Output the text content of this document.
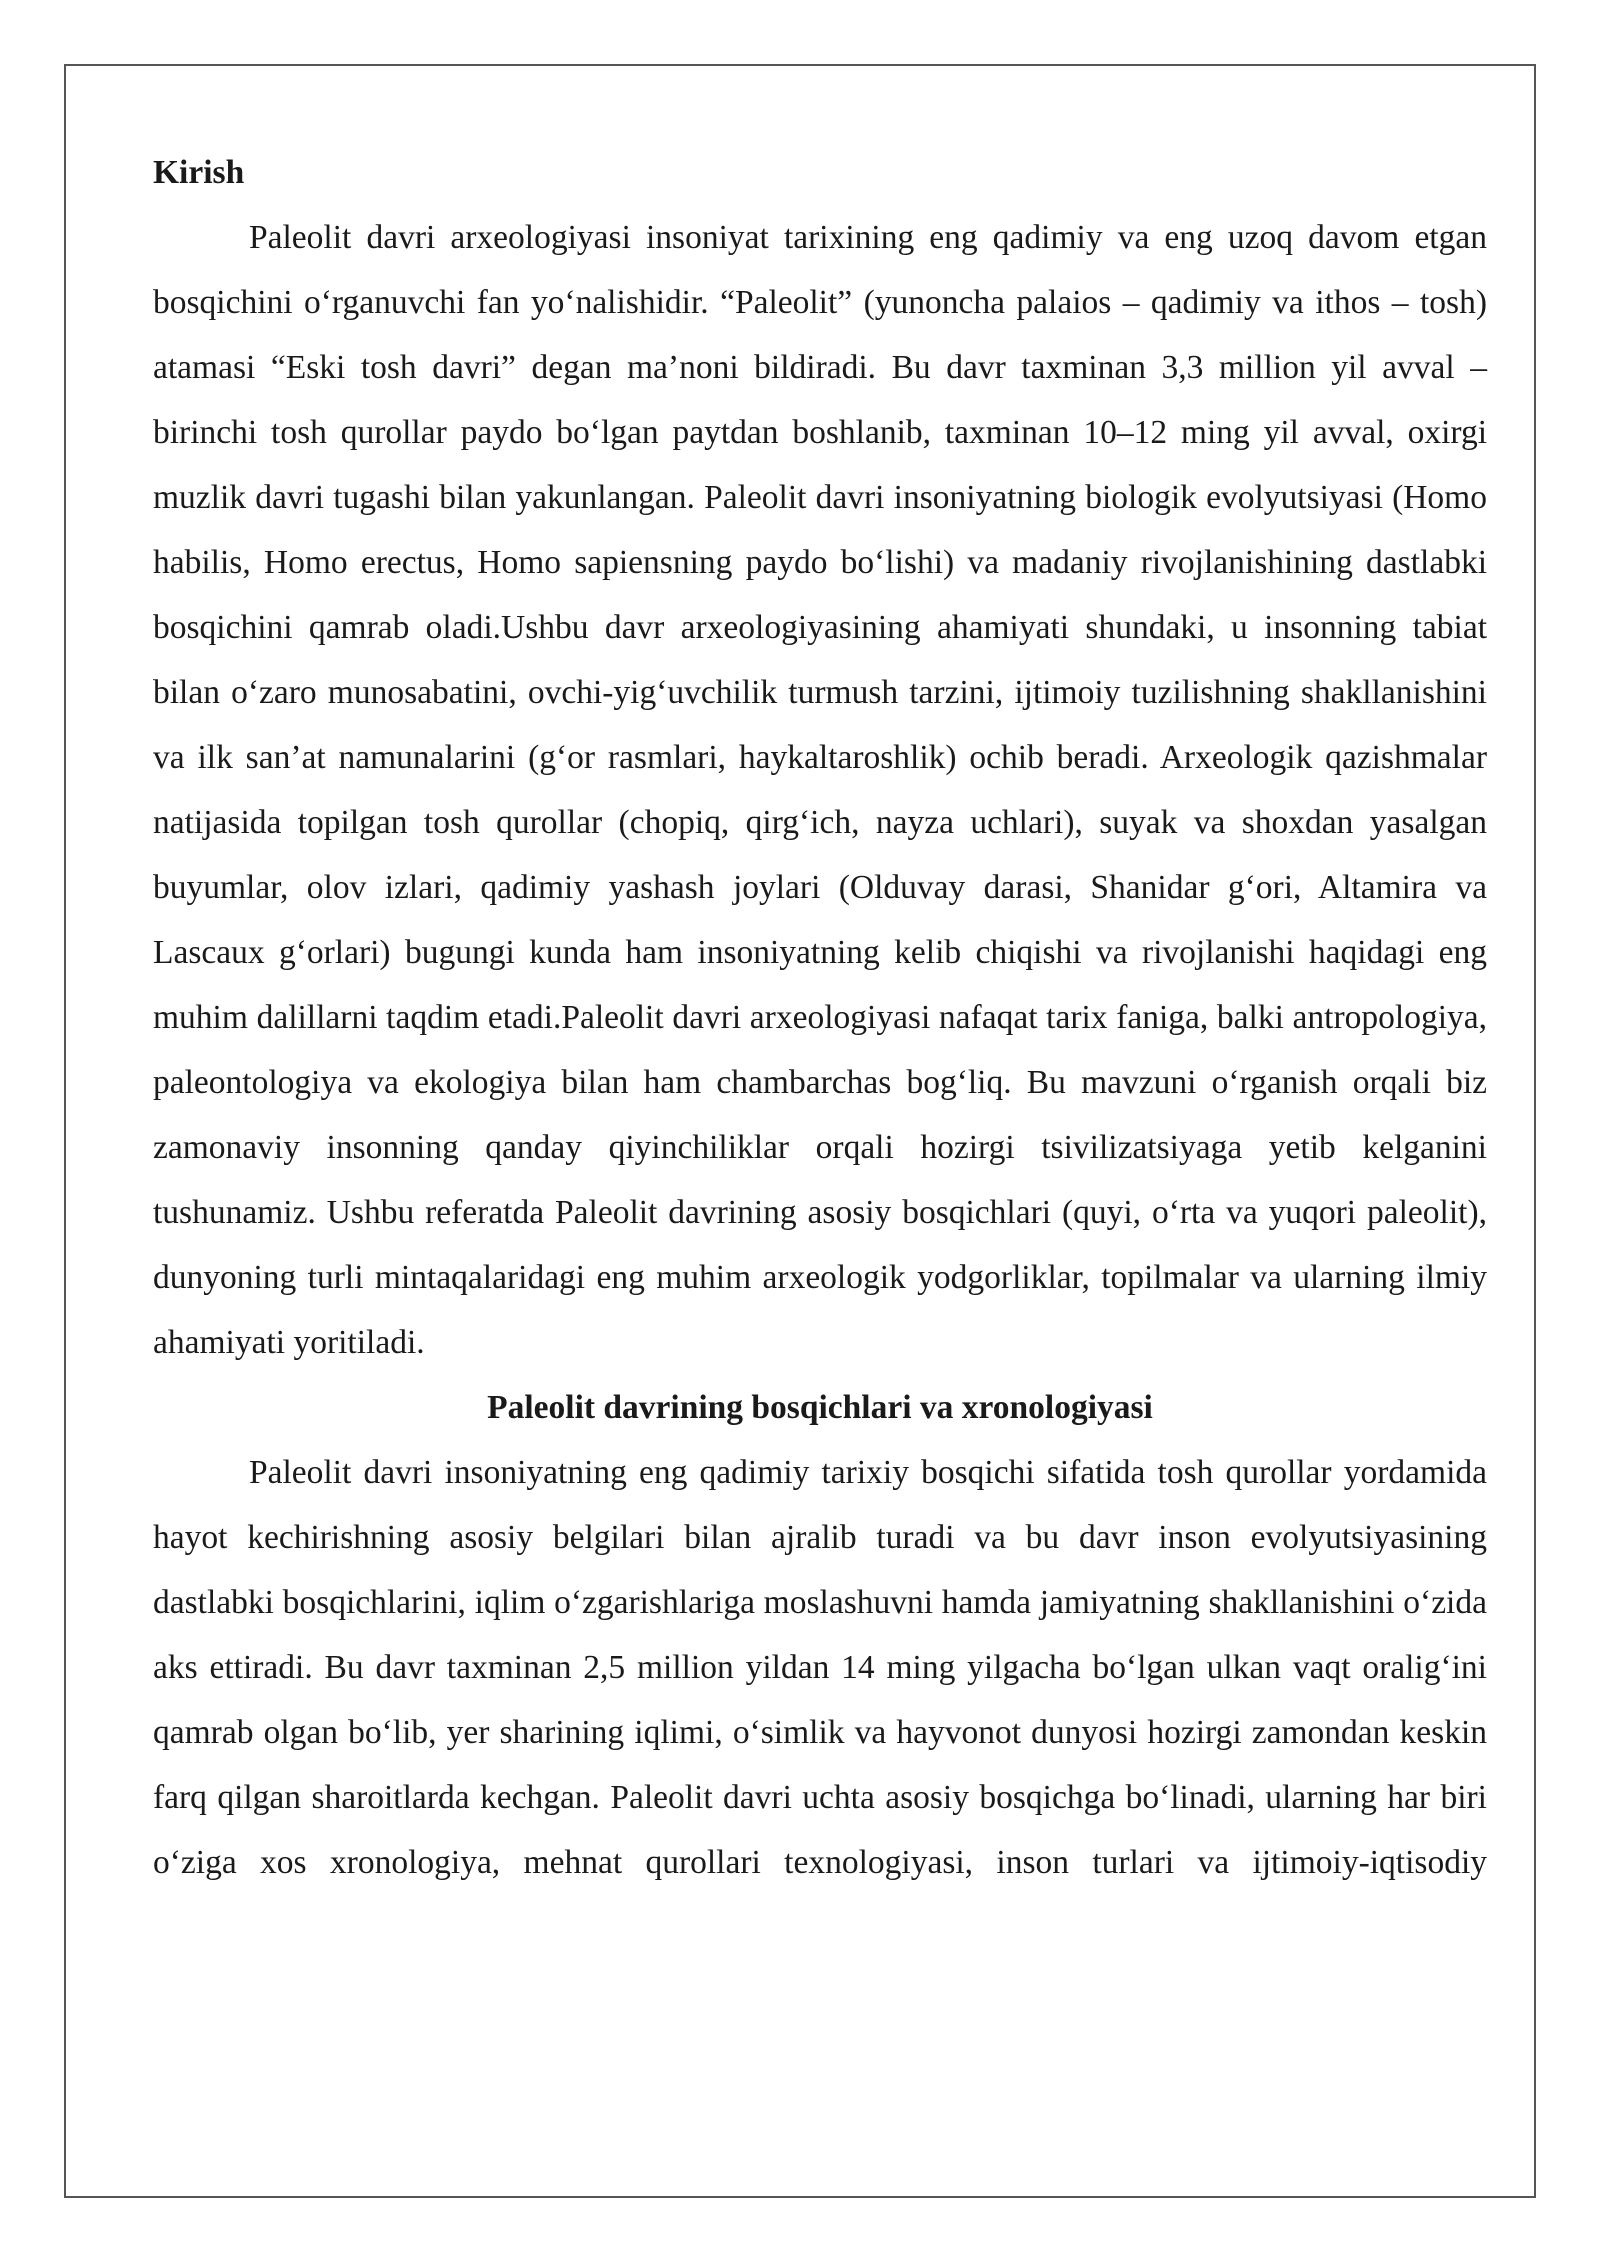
Kirish

Paleolit davri arxeologiyasi insoniyat tarixining eng qadimiy va eng uzoq davom etgan bosqichini o‘rganuvchi fan yo‘nalishidir. “Paleolit” (yunoncha palaios – qadimiy va ithos – tosh) atamasi “Eski tosh davri” degan ma’noni bildiradi. Bu davr taxminan 3,3 million yil avval – birinchi tosh qurollar paydo bo‘lgan paytdan boshlanib, taxminan 10–12 ming yil avval, oxirgi muzlik davri tugashi bilan yakunlangan. Paleolit davri insoniyatning biologik evolyutsiyasi (Homo habilis, Homo erectus, Homo sapiensning paydo bo‘lishi) va madaniy rivojlanishining dastlabki bosqichini qamrab oladi.Ushbu davr arxeologiyasining ahamiyati shundaki, u insonning tabiat bilan o‘zaro munosabatini, ovchi-yig‘uvchilik turmush tarzini, ijtimoiy tuzilishning shakllanishini va ilk san’at namunalarini (g‘or rasmlari, haykaltaroshlik) ochib beradi. Arxeologik qazishmalar natijasida topilgan tosh qurollar (chopiq, qirg‘ich, nayza uchlari), suyak va shoxdan yasalgan buyumlar, olov izlari, qadimiy yashash joylari (Olduvay darasi, Shanidar g‘ori, Altamira va Lascaux g‘orlari) bugungi kunda ham insoniyatning kelib chiqishi va rivojlanishi haqidagi eng muhim dalillarni taqdim etadi.Paleolit davri arxeologiyasi nafaqat tarix faniga, balki antropologiya, paleontologiya va ekologiya bilan ham chambarchas bog‘liq. Bu mavzuni o‘rganish orqali biz zamonaviy insonning qanday qiyinchiliklar orqali hozirgi tsivilizatsiyaga yetib kelganini tushunamiz. Ushbu referatda Paleolit davrining asosiy bosqichlari (quyi, o‘rta va yuqori paleolit), dunyoning turli mintaqalaridagi eng muhim arxeologik yodgorliklar, topilmalar va ularning ilmiy ahamiyati yoritiladi.

Paleolit davrining bosqichlari va xronologiyasi

Paleolit davri insoniyatning eng qadimiy tarixiy bosqichi sifatida tosh qurollar yordamida hayot kechirishning asosiy belgilari bilan ajralib turadi va bu davr inson evolyutsiyasining dastlabki bosqichlarini, iqlim o‘zgarishlariga moslashuvni hamda jamiyatning shakllanishini o‘zida aks ettiradi. Bu davr taxminan 2,5 million yildan 14 ming yilgacha bo‘lgan ulkan vaqt oralig‘ini qamrab olgan bo‘lib, yer sharining iqlimi, o‘simlik va hayvonot dunyosi hozirgi zamondan keskin farq qilgan sharoitlarda kechgan. Paleolit davri uchta asosiy bosqichga bo‘linadi, ularning har biri o‘ziga xos xronologiya, mehnat qurollari texnologiyasi, inson turlari va ijtimoiy-iqtisodiy
